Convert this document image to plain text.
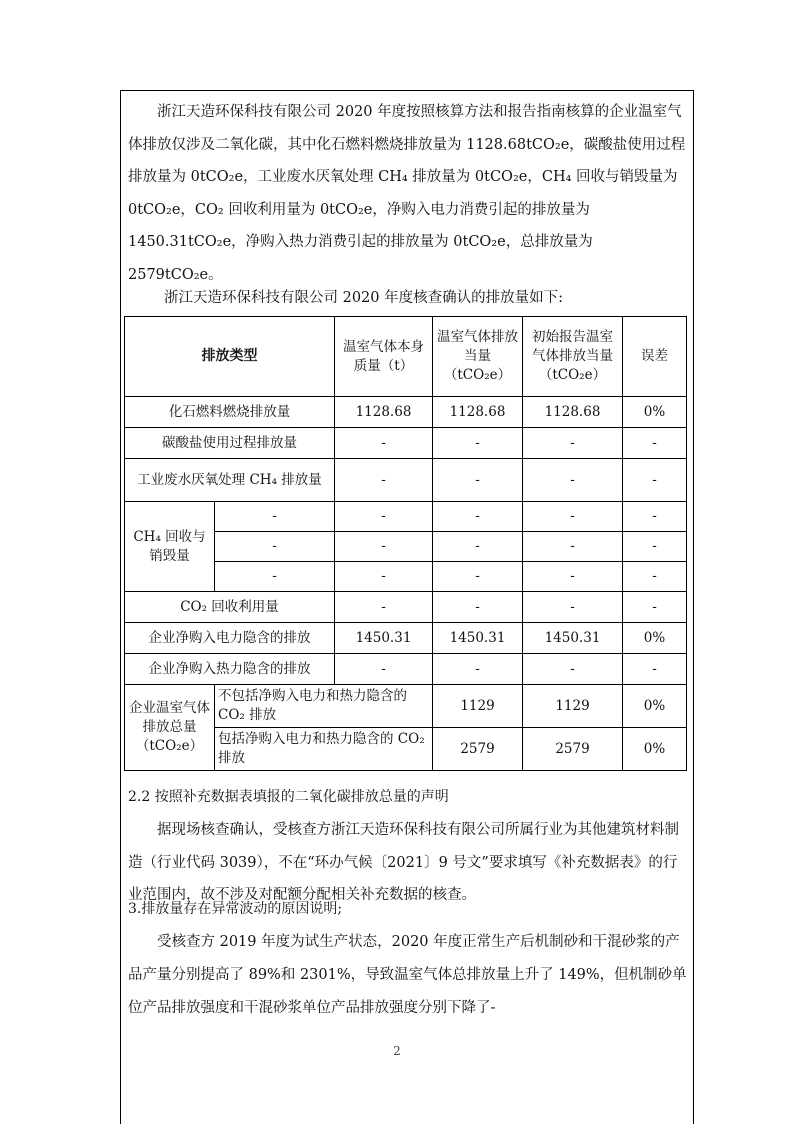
浙江天造环保科技有限公司 2020 年度按照核算方法和报告指南核算的企业温室气体排放仅涉及二氧化碳，其中化石燃料燃烧排放量为 1128.68tCO₂e，碳酸盐使用过程排放量为 0tCO₂e，工业废水厌氧处理 CH₄ 排放量为 0tCO₂e，CH₄ 回收与销毁量为 0tCO₂e，CO₂ 回收利用量为 0tCO₂e，净购入电力消费引起的排放量为 1450.31tCO₂e，净购入热力消费引起的排放量为 0tCO₂e，总排放量为 2579tCO₂e。

浙江天造环保科技有限公司 2020 年度核查确认的排放量如下:
排放类型		温室气体本身质量（t）	温室气体排放当量（tCO₂e）	初始报告温室气体排放当量（tCO₂e）	误差
化石燃料燃烧排放量		1128.68	1128.68	1128.68	0%
碳酸盐使用过程排放量		-	-	-	-
工业废水厌氧处理 CH₄ 排放量		-	-	-	-
CH₄ 回收与销毁量	-	-	-	-	-
	-	-	-	-	-
	-	-	-	-	-
CO₂ 回收利用量		-	-	-	-
企业净购入电力隐含的排放		1450.31	1450.31	1450.31	0%
企业净购入热力隐含的排放		-	-	-	-
企业温室气体排放总量（tCO₂e）	不包括净购入电力和热力隐含的 CO₂ 排放		1129	1129	0%
	包括净购入电力和热力隐含的 CO₂ 排放		2579	2579	0%
2.2 按照补充数据表填报的二氧化碳排放总量的声明

据现场核查确认，受核查方浙江天造环保科技有限公司所属行业为其他建筑材料制造（行业代码 3039），不在“环办气候〔2021〕9 号文”要求填写《补充数据表》的行业范围内，故不涉及对配额分配相关补充数据的核查。

3.排放量存在异常波动的原因说明;

受核查方 2019 年度为试生产状态，2020 年度正常生产后机制砂和干混砂浆的产品产量分别提高了 89%和 2301%，导致温室气体总排放量上升了 149%，但机制砂单位产品排放强度和干混砂浆单位产品排放强度分别下降了-

2
